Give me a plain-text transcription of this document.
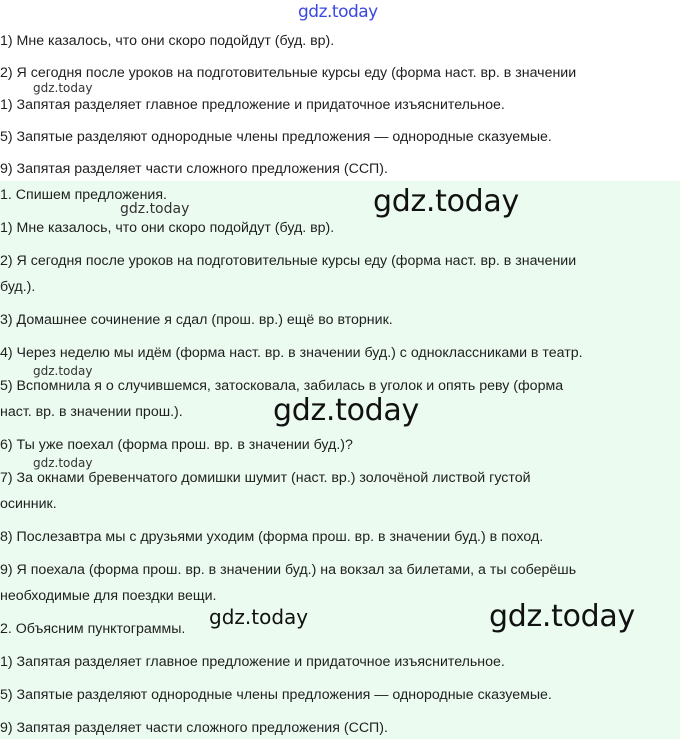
gdz.today

1) Мне казалось, что они скоро подойдут (буд. вр).

2) Я сегодня после уроков на подготовительные курсы еду (форма наст. вр. в значении

1) Запятая разделяет главное предложение и придаточное изъяснительное.

5) Запятые разделяют однородные члены предложения — однородные сказуемые.

9) Запятая разделяет части сложного предложения (ССП).

gdz.today

1. Спишем предложения.

1) Мне казалось, что они скоро подойдут (буд. вр).

2) Я сегодня после уроков на подготовительные курсы еду (форма наст. вр. в значении

буд.).

3) Домашнее сочинение я сдал (прош. вр.) ещё во вторник.

4) Через неделю мы идём (форма наст. вр. в значении буд.) с одноклассниками в театр.

5) Вспомнила я о случившемся, затосковала, забилась в уголок и опять реву (форма

наст. вр. в значении прош.).

6) Ты уже поехал (форма прош. вр. в значении буд.)?

7) За окнами бревенчатого домишки шумит (наст. вр.) золочёной листвой густой

осинник.

8) Послезавтра мы с друзьями уходим (форма прош. вр. в значении буд.) в поход.

9) Я поехала (форма прош. вр. в значении буд.) на вокзал за билетами, а ты соберёшь

необходимые для поездки вещи.

2. Объясним пунктограммы.

1) Запятая разделяет главное предложение и придаточное изъяснительное.

5) Запятые разделяют однородные члены предложения — однородные сказуемые.

9) Запятая разделяет части сложного предложения (ССП).

gdz.today	gdz.today
gdz.today
gdz.today
gdz.today
gdz.today	gdz.today
